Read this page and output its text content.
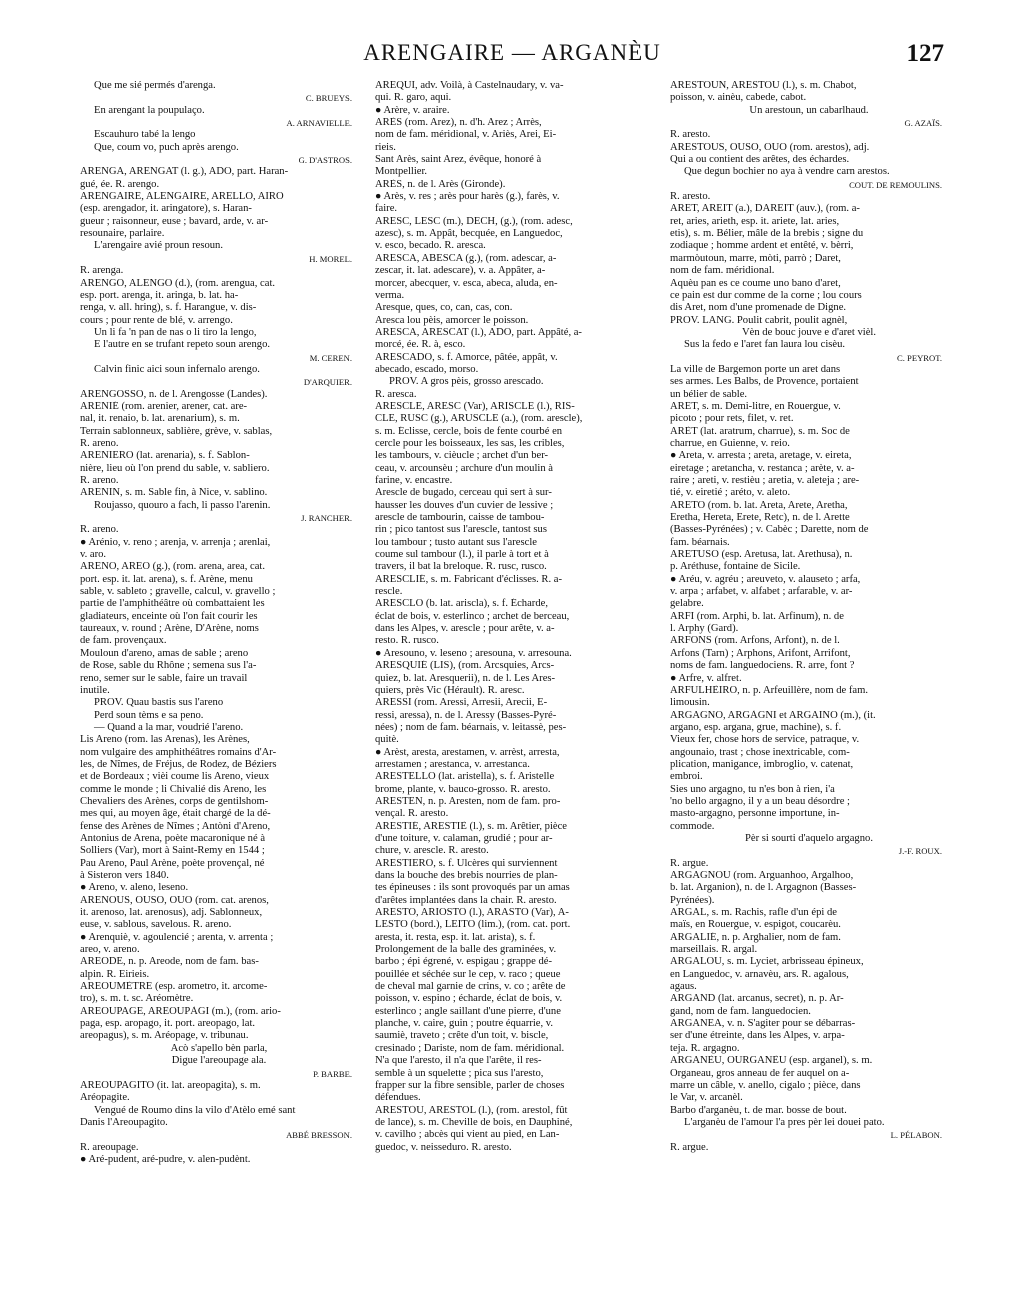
ARENGAIRE — ARGANÈU	127
Que me sié permés d'arenga.
C. BRUEYS.
En arengant la poupulaço.
A. ARNAVIELLE.
Escauhuro tabé la lengo
Que, coum vo, puch après arengo.
G. D'ASTROS.
ARENGA, ARENGAT (l. g.), ADO, part. Haran-
gué, ée. R. arengo.
ARENGAIRE, ALENGAIRE, ARELLO, AIRO
(esp. arengador, it. aringatore), s. Haran-
gueur ; raisonneur, euse ; bavard, arde, v. ar-
resounaire, parlaire.
L'arengaire avié proun resoun.
H. MOREL.
R. arenga.
ARENGO, ALENGO (d.), (rom. arengua, cat.
esp. port. arenga, it. aringa, b. lat. ha-
renga, v. all. hring), s. f. Harangue, v. dis-
cours ; pour rente de blé, v. arrengo.
Un li fa 'n pan de nas o li tiro la lengo,
E l'autre en se trufant repeto soun arengo.
M. CEREN.
Calvin finic aici soun infernalo arengo.
D'ARQUIER.
ARENGOSSO, n. de l. Arengosse (Landes).
ARENIÉ (rom. arenier, arener, cat. are-
nal, it. renaio, b. lat. arenarium), s. m.
Terrain sablonneux, sablière, grève, v. sablas,
R. areno.
ARENIERO (lat. arenaria), s. f. Sablon-
nière, lieu où l'on prend du sable, v. sabliero.
R. areno.
ARENIN, s. m. Sable fin, à Nice, v. sablino.
Roujasso, quouro a fach, li passo l'arenin.
J. RANCHER.
R. areno.
● Arénio, v. reno ; arenja, v. arrenja ; arenlai,
v. aro.
ARENO, AREO (g.), (rom. arena, area, cat.
port. esp. it. lat. arena), s. f. Arène, menu
sable, v. sableto ; gravelle, calcul, v. gravello ;
partie de l'amphithéâtre où combattaient les
gladiateurs, enceinte où l'on fait courir les
taureaux, v. round ; Arène, D'Arène, noms
de fam. provençaux.
Mouloun d'areno, amas de sable ; areno
de Rose, sable du Rhône ; semena sus l'a-
reno, semer sur le sable, faire un travail
inutile.
PROV. Quau bastis sus l'areno
Perd soun tèms e sa peno.
— Quand a la mar, voudrié l'areno.
Lis Areno (rom. las Arenas), les Arènes,
nom vulgaire des amphithéâtres romains d'Ar-
les, de Nîmes, de Fréjus, de Rodez, de Béziers
et de Bordeaux ; vièi coume lis Areno, vieux
comme le monde ; li Chivalié dis Areno, les
Chevaliers des Arènes, corps de gentilshom-
mes qui, au moyen âge, était chargé de la dé-
fense des Arènes de Nîmes ; Antòni d'Areno,
Antonius de Arena, poète macaronique né à
Solliers (Var), mort à Saint-Remy en 1544 ;
Pau Areno, Paul Arène, poète provençal, né
à Sisteron vers 1840.
● Areno, v. aleno, leseno.
ARENOUS, OUSO, OUO (rom. cat. arenos,
it. arenoso, lat. arenosus), adj. Sablonneux,
euse, v. sablous, savelous. R. areno.
● Arenquiè, v. agoulencié ; arenta, v. arrenta ;
areo, v. areno.
AREODE, n. p. Areode, nom de fam. bas-
alpin. R. Eirieis.
AREOUMÈTRE (esp. arometro, it. arcome-
tro), s. m. t. sc. Aréomètre.
AREOUPAGE, AREOUPÀGI (m.), (rom. ario-
paga, esp. aropago, it. port. areopago, lat.
areopagus), s. m. Aréopage, v. tribunau.
Acò s'apello bèn parla,
Digue l'areoupage ala.
P. BARBE.
AREOUPAGITO (it. lat. areopagita), s. m.
Aréopagite.
Vengué de Roumo dins la vilo d'Atèlo emé sant
Danis l'Areoupagito.
ABBÉ BRESSON.
R. areoupage.
● Aré-pudent, aré-pudre, v. alen-pudènt.
AREQUI, adv. Voilà, à Castelnaudary, v. va-
qui. R. garo, aqui.
● Arère, v. araire.
ARÈS (rom. Arez), n. d'h. Arez ; Arrès,
nom de fam. méridional, v. Ariès, Arei, Ei-
rieis.
Sant Arès, saint Arez, évêque, honoré à
Montpellier.
ARÈS, n. de l. Arès (Gironde).
● Arès, v. res ; arès pour harès (g.), farès, v.
faire.
ARESC, LESC (m.), DECH, (g.), (rom. adesc,
azesc), s. m. Appât, becquée, en Languedoc,
v. esco, becado. R. aresca.
ARESCA, ABESCA (g.), (rom. adescar, a-
zescar, it. lat. adescare), v. a. Appâter, a-
morcer, abecquer, v. esca, abeca, aluda, en-
verma.
Aresque, ques, co, can, cas, con.
Aresca lou pèis, amorcer le poisson.
ARESCA, ARESCAT (l.), ADO, part. Appâté, a-
morcé, ée. R. à, esco.
ARESCADO, s. f. Amorce, pâtée, appât, v.
abecado, escado, morso.
PROV. A gros pèis, grosso arescado.
R. aresca.
ARESCLE, ARESC (Var), ARISCLE (l.), RIS-
CLE, RUSC (g.), ARUSCLE (a.), (rom. arescle),
s. m. Éclisse, cercle, bois de fente courbé en
cercle pour les boisseaux, les sas, les cribles,
les tambours, v. cièucle ; archet d'un ber-
ceau, v. arcounsèu ; archure d'un moulin à
farine, v. encastre.
Arescle de bugado, cerceau qui sert à sur-
hausser les douves d'un cuvier de lessive ;
arescle de tambourin, caisse de tambou-
rin ; pico tantost sus l'arescle, tantost sus
lou tambour ; tusto autant sus l'arescle
coume sul tambour (l.), il parle à tort et à
travers, il bat la breloque. R. rusc, rusco.
ARESCLIÉ, s. m. Fabricant d'éclisses. R. a-
rescle.
ARESCLO (b. lat. ariscla), s. f. Écharde,
éclat de bois, v. esterlinco ; archet de berceau,
dans les Alpes, v. arescle ; pour arête, v. a-
resto. R. rusco.
● Aresouno, v. leseno ; aresouna, v. arresouna.
ARESQUIÉ (LIS), (rom. Arcsquies, Arcs-
quiez, b. lat. Aresquerii), n. de l. Les Ares-
quiers, près Vic (Hérault). R. aresc.
ARESSI (rom. Aressi, Arresii, Arecii, E-
ressi, aressa), n. de l. Aressy (Basses-Pyré-
nées) ; nom de fam. béarnais, v. leitassè, pes-
quitè.
● Arèst, aresta, arestamen, v. arrèst, arresta,
arrestamen ; arestanca, v. arrestanca.
ARESTELLO (lat. aristella), s. f. Aristelle
brome, plante, v. bauco-grosso. R. aresto.
ARESTEN, n. p. Aresten, nom de fam. pro-
vençal. R. aresto.
ARESTIÉ, ARESTIÈ (l.), s. m. Arêtier, pièce
d'une toiture, v. calaman, grudié ; pour ar-
chure, v. arescle. R. aresto.
ARESTIERO, s. f. Ulcères qui surviennent
dans la bouche des brebis nourries de plan-
tes épineuses : ils sont provoqués par un amas
d'arêtes implantées dans la chair. R. aresto.
ARESTO, ARIOSTO (l.), ARASTO (Var), A-
LESTO (bord.), LEITO (lim.), (rom. cat. port.
aresta, it. resta, esp. it. lat. arista), s. f.
Prolongement de la balle des graminées, v.
barbo ; épi égrené, v. espigau ; grappe dé-
pouillée et séchée sur le cep, v. raco ; queue
de cheval mal garnie de crins, v. co ; arête de
poisson, v. espino ; écharde, éclat de bois, v.
esterlinco ; angle saillant d'une pierre, d'une
planche, v. caire, guin ; poutre équarrie, v.
saumiè, traveto ; crête d'un toit, v. biscle,
cresinado ; Dariste, nom de fam. méridional.
N'a que l'aresto, il n'a que l'arête, il res-
semble à un squelette ; pica sus l'aresto,
frapper sur la fibre sensible, parler de choses
défendues.
ARESTÒU, ARESTOL (l.), (rom. arestol, fût
de lance), s. m. Cheville de bois, en Dauphiné,
v. cavilho ; abcès qui vient au pied, en Lan-
guedoc, v. neisseduro. R. aresto.
ARESTOUN, ARESTOU (l.), s. m. Chabot,
poisson, v. ainèu, cabede, cabot.
Un arestoun, un cabarlhaud.
G. AZAÏS.
R. aresto.
ARESTOUS, OUSO, OUO (rom. arestos), adj.
Qui a ou contient des arêtes, des échardes.
Que degun bochier no aya à vendre carn arestos.
COUT. DE REMOULINS.
R. aresto.
ARET, AREIT (a.), DAREIT (auv.), (rom. a-
ret, aries, arieth, esp. it. ariete, lat. aries,
etis), s. m. Bélier, mâle de la brebis ; signe du
zodiaque ; homme ardent et entêté, v. bèrri,
marmòutoun, marre, mòti, parrò ; Daret,
nom de fam. méridional.
Aquèu pan es ce coume uno bano d'aret,
ce pain est dur comme de la corne ; lou cours
dis Aret, nom d'une promenade de Digne.
PROV. LANG. Poulit cabrit, poulit agnèl,
Vèn de bouc jouve e d'aret vièl.
Sus la fedo e l'aret fan laura lou cisèu.
C. PEYROT.
La ville de Bargemon porte un aret dans
ses armes. Les Balbs, de Provence, portaient
un bélier de sable.
ARET, s. m. Demi-litre, en Rouergue, v.
picoto ; pour rets, filet, v. ret.
ARÈT (lat. aratrum, charrue), s. m. Soc de
charrue, en Guienne, v. reio.
● Areta, v. arresta ; areta, aretage, v. eireta,
eiretage ; aretancha, v. restanca ; arète, v. a-
raire ; areti, v. restièu ; aretia, v. aleteja ; are-
tié, v. eiretié ; aréto, v. aleto.
ARETO (rom. b. lat. Areta, Arete, Aretha,
Eretha, Hereta, Erete, Retc), n. de l. Arette
(Basses-Pyrénées) ; v. Cabèc ; Darette, nom de
fam. béarnais.
ARETUSO (esp. Aretusa, lat. Arethusa), n.
p. Aréthuse, fontaine de Sicile.
● Aréu, v. agréu ; areuveto, v. alauseto ; arfa,
v. arpa ; arfabet, v. alfabet ; arfarable, v. ar-
gelabre.
ARFI (rom. Arphi, b. lat. Arfinum), n. de
l. Arphy (Gard).
ARFONS (rom. Arfons, Arfont), n. de l.
Arfons (Tarn) ; Arphons, Arifont, Arrifont,
noms de fam. languedociens. R. arre, font ?
● Arfre, v. alfret.
ARFULHÈIRO, n. p. Arfeuillère, nom de fam.
limousin.
ARGAGNO, ARGÀGNI et ARGAINO (m.), (it.
argano, esp. argana, grue, machine), s. f.
Vieux fer, chose hors de service, patraque, v.
angounaio, trast ; chose inextricable, com-
plication, manigance, imbroglio, v. catenat,
embroi.
Sies uno argagno, tu n'es bon à rien, i'a
'no bello argagno, il y a un beau désordre ;
masto-argagno, personne importune, in-
commode.
Pèr si sourti d'aquelo argagno.
J.-F. ROUX.
R. argue.
ARGAGNOU (rom. Arguanhoo, Argalhoo,
b. lat. Arganion), n. de l. Argagnon (Basses-
Pyrénées).
ARGAL, s. m. Rachis, rafle d'un épi de
maïs, en Rouergue, v. espigot, coucarèu.
ARGALIÉ, n. p. Arghalier, nom de fam.
marseillais. R. argal.
ARGALOU, s. m. Lyciet, arbrisseau épineux,
en Languedoc, v. arnavèu, ars. R. agalous,
agaus.
ARGAND (lat. arcanus, secret), n. p. Ar-
gand, nom de fam. languedocien.
ARGANEA, v. n. S'agiter pour se débarras-
ser d'une étreinte, dans les Alpes, v. arpa-
teja. R. argagno.
ARGANÈU, OURGANÈU (esp. arganel), s. m.
Organeau, gros anneau de fer auquel on a-
marre un câble, v. anello, cigalo ; pièce, dans
le Var, v. arcanèl.
Barbo d'arganèu, t. de mar. bosse de bout.
L'arganèu de l'amour l'a pres pèr lei douei pato.
L. PÉLABON.
R. argue.
